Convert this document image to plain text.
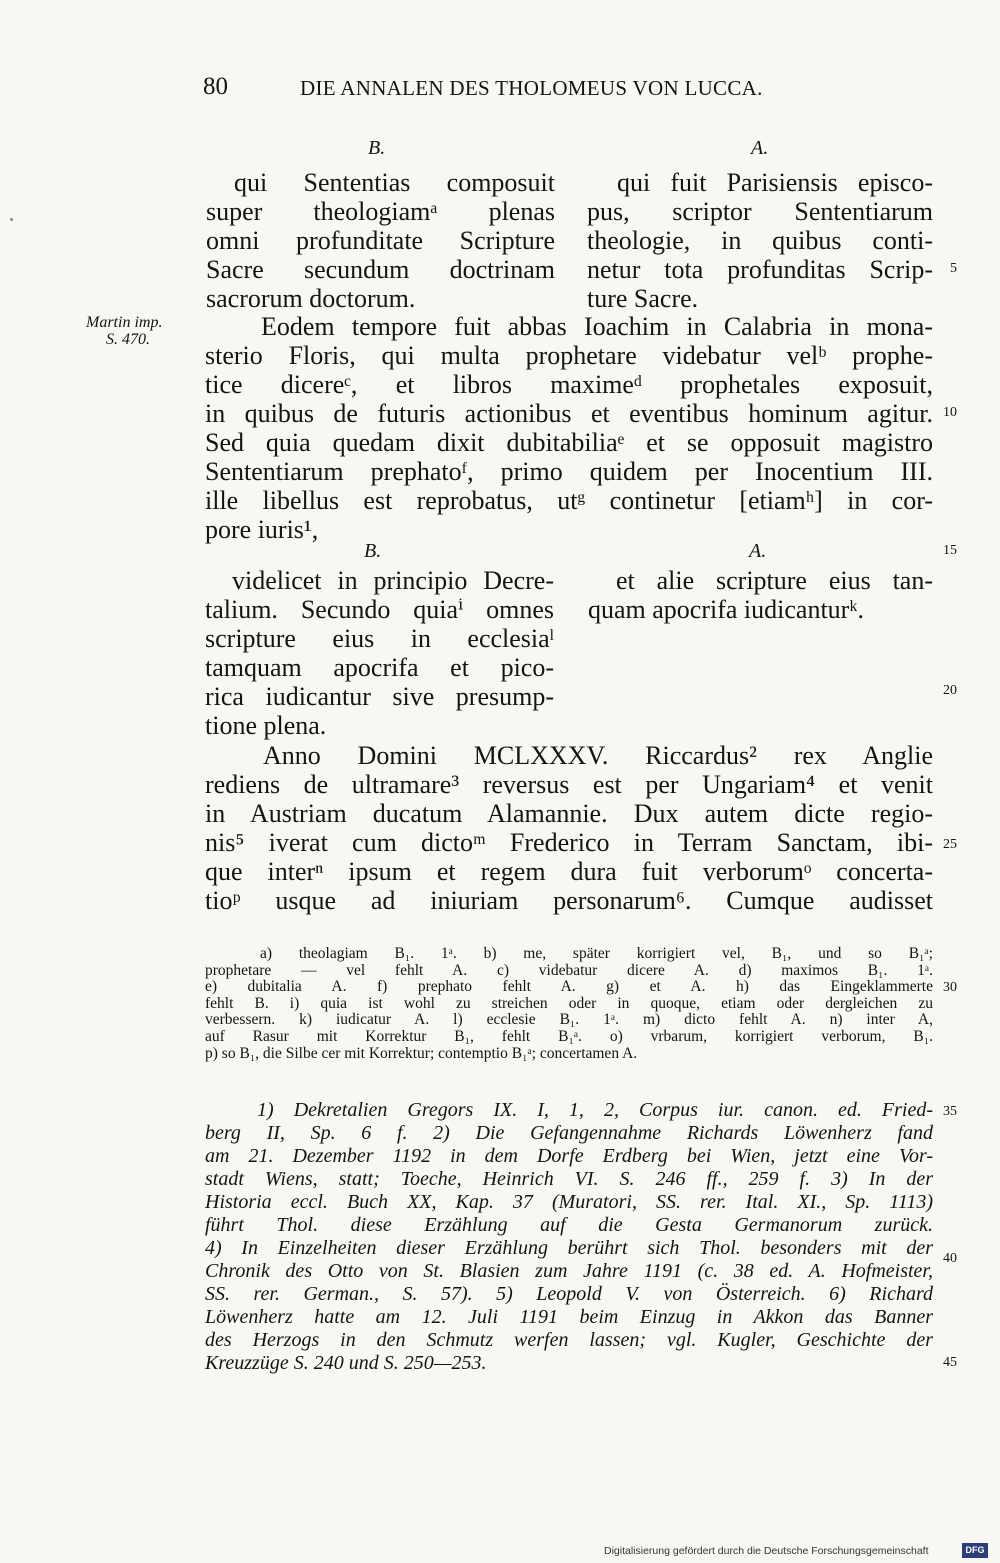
80	DIE ANNALEN DES THOLOMEUS VON LUCCA.
B.	A.
qui Sententias composuit
super theologiamᵃ plenas
omni profunditate Scripture
Sacre secundum doctrinam
sacrorum doctorum.
qui fuit Parisiensis episco-
pus, scriptor Sententiarum
theologie, in quibus conti-
netur tota profunditas Scrip-
ture Sacre.
Martin imp.
S. 470.	Eodem tempore fuit abbas Ioachim in Calabria in mona-
sterio Floris, qui multa prophetare videbatur velᵇ prophe-
tice dicereᶜ, et libros maximeᵈ prophetales exposuit,
in quibus de futuris actionibus et eventibus hominum agitur.
Sed quia quedam dixit dubitabiliaᵉ et se opposuit magistro
Sententiarum prephatoᶠ, primo quidem per Inocentium III.
ille libellus est reprobatus, utᵍ continetur [etiamʰ] in cor-
pore iuris¹,
B.	A.
videlicet in principio Decre-
talium. Secundo quiaⁱ omnes
scripture eius in ecclesiaˡ
tamquam apocrifa et pico-
rica iudicantur sive presump-
tione plena.
et alie scripture eius tan-
quam apocrifa iudicanturᵏ.
Anno Domini MCLXXXV. Riccardus² rex Anglie
rediens de ultramare³ reversus est per Ungariam⁴ et venit
in Austriam ducatum Alamannie. Dux autem dicte regio-
nis⁵ iverat cum dictoᵐ Frederico in Terram Sanctam, ibi-
que interⁿ ipsum et regem dura fuit verborumᵒ concerta-
tioᵖ usque ad iniuriam personarum⁶. Cumque audisset
a) theolagiam B₁. 1ᵃ. b) me, später korrigiert vel, B₁, und so B₁ᵃ;
prophetare — vel fehlt A. c) videbatur dicere A. d) maximos B₁. 1ᵃ.
e) dubitalia A. f) prephato fehlt A. g) et A. h) das Eingeklammerte
fehlt B. i) quia ist wohl zu streichen oder in quoque, etiam oder dergleichen zu
verbessern. k) iudicatur A. l) ecclesie B₁. 1ᵃ. m) dicto fehlt A. n) inter A,
auf Rasur mit Korrektur B₁, fehlt B₁ᵃ. o) vrbarum, korrigiert verborum, B₁.
p) so B₁, die Silbe cer mit Korrektur; contemptio B₁ᵃ; concertamen A.
1) Dekretalien Gregors IX. I, 1, 2, Corpus iur. canon. ed. Fried-
berg II, Sp. 6 f. 2) Die Gefangennahme Richards Löwenherz fand
am 21. Dezember 1192 in dem Dorfe Erdberg bei Wien, jetzt eine Vor-
stadt Wiens, statt; Toeche, Heinrich VI. S. 246 ff., 259 f. 3) In der
Historia eccl. Buch XX, Kap. 37 (Muratori, SS. rer. Ital. XI., Sp. 1113)
führt Thol. diese Erzählung auf die Gesta Germanorum zurück.
4) In Einzelheiten dieser Erzählung berührt sich Thol. besonders mit der
Chronik des Otto von St. Blasien zum Jahre 1191 (c. 38 ed. A. Hofmeister,
SS. rer. German., S. 57). 5) Leopold V. von Österreich. 6) Richard
Löwenherz hatte am 12. Juli 1191 beim Einzug in Akkon das Banner
des Herzogs in den Schmutz werfen lassen; vgl. Kugler, Geschichte der
Kreuzzüge S. 240 und S. 250—253.
5
10
15
20
25
30
35
40
45
Digitalisierung gefördert durch die Deutsche Forschungsgemeinschaft	DFG
